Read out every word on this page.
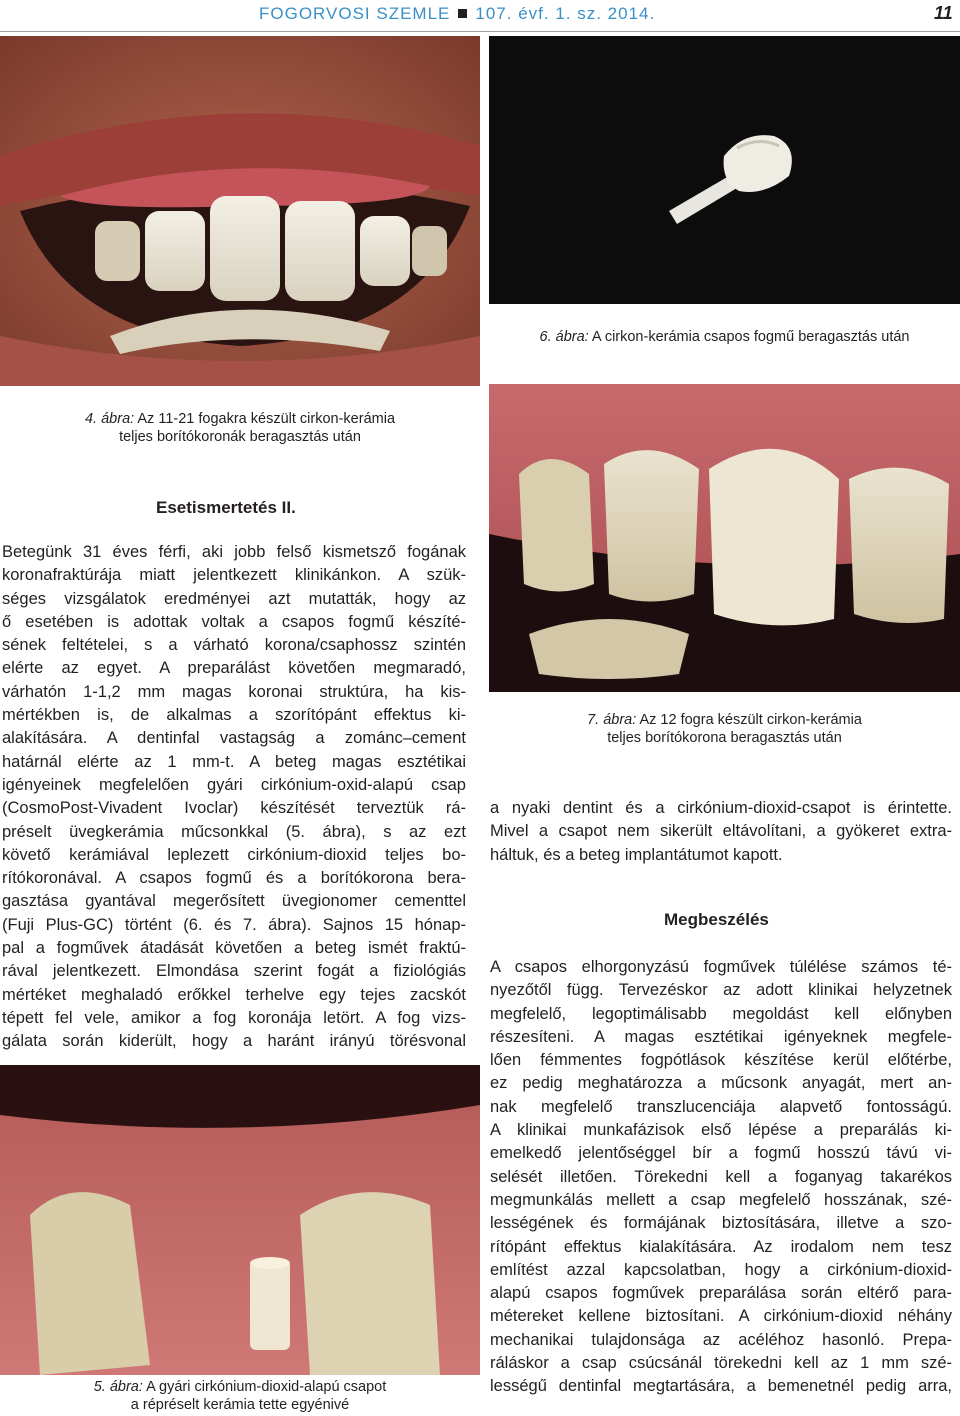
FOGORVOSI SZEMLE 107. évf. 1. sz. 2014.	11
6. ábra: A cirkon-kerámia csapos fogmű beragasztás után
4. ábra: Az 11-21 fogakra készült cirkon-kerámia
teljes borítókoronák beragasztás után
7. ábra: Az 12 fogra készült cirkon-kerámia
teljes borítókorona beragasztás után
Esetismertetés II.
Betegünk 31 éves férfi, aki jobb felső kismetsző fogának
koronafraktúrája miatt jelentkezett klinikánkon. A szük-
séges vizsgálatok eredményei azt mutatták, hogy az
ő esetében is adottak voltak a csapos fogmű készíté-
sének feltételei, s a várható korona/csaphossz szintén
elérte az egyet. A preparálást követően megmaradó,
várhatón 1-1,2 mm magas koronai struktúra, ha kis-
mértékben is, de alkalmas a szorítópánt effektus ki-
alakítására. A dentinfal vastagság a zománc–cement
határnál elérte az 1 mm-t. A beteg magas esztétikai
igényeinek megfelelően gyári cirkónium-oxid-alapú csap
(CosmoPost-Vivadent Ivoclar) készítését terveztük rá-
préselt üvegkerámia műcsonkkal (5. ábra), s az ezt
követő kerámiával leplezett cirkónium-dioxid teljes bo-
rítókoronával. A csapos fogmű és a borítókorona bera-
gasztása gyantával megerősített üvegionomer cementtel
(Fuji Plus-GC) történt (6. és 7. ábra). Sajnos 15 hónap-
pal a fogművek átadását követően a beteg ismét fraktú-
rával jelentkezett. Elmondása szerint fogát a fiziológiás
mértéket meghaladó erőkkel terhelve egy tejes zacskót
tépett fel vele, amikor a fog koronája letört. A fog vizs-
gálata során kiderült, hogy a haránt irányú törésvonal
5. ábra: A gyári cirkónium-dioxid-alapú csapot
a répréselt kerámia tette egyénivé
a nyaki dentint és a cirkónium-dioxid-csapot is érintette.
Mivel a csapot nem sikerült eltávolítani, a gyökeret extra-
háltuk, és a beteg implantátumot kapott.
Megbeszélés
A csapos elhorgonyzású fogművek túlélése számos té-
nyezőtől függ. Tervezéskor az adott klinikai helyzetnek
megfelelő, legoptimálisabb megoldást kell előnyben
részesíteni. A magas esztétikai igényeknek megfele-
lően fémmentes fogpótlások készítése kerül előtérbe,
ez pedig meghatározza a műcsonk anyagát, mert an-
nak megfelelő transzlucenciája alapvető fontosságú.
A klinikai munkafázisok első lépése a preparálás ki-
emelkedő jelentőséggel bír a fogmű hosszú távú vi-
selését illetően. Törekedni kell a foganyag takarékos
megmunkálás mellett a csap megfelelő hosszának, szé-
lességének és formájának biztosítására, illetve a szo-
rítópánt effektus kialakítására. Az irodalom nem tesz
említést azzal kapcsolatban, hogy a cirkónium-dioxid-
alapú csapos fogművek preparálása során eltérő para-
métereket kellene biztosítani. A cirkónium-dioxid néhány
mechanikai tulajdonsága az acéléhoz hasonló. Prepa-
ráláskor a csap csúcsánál törekedni kell az 1 mm szé-
lességű dentinfal megtartására, a bemenetnél pedig arra,
